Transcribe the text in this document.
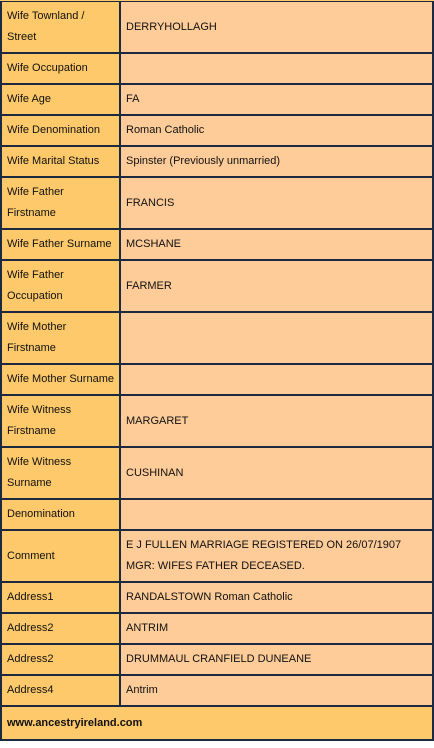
Wife Townland / Street	DERRYHOLLAGH
Wife Occupation	
Wife Age	FA
Wife Denomination	Roman Catholic
Wife Marital Status	Spinster (Previously unmarried)
Wife Father Firstname	FRANCIS
Wife Father Surname	MCSHANE
Wife Father Occupation	FARMER
Wife Mother Firstname	
Wife Mother Surname	
Wife Witness Firstname	MARGARET
Wife Witness Surname	CUSHINAN
Denomination	
Comment	E J FULLEN MARRIAGE REGISTERED ON 26/07/1907 MGR: WIFES FATHER DECEASED.
Address1	RANDALSTOWN Roman Catholic
Address2	ANTRIM
Address2	DRUMMAUL CRANFIELD DUNEANE
Address4	Antrim
www.ancestryireland.com	
